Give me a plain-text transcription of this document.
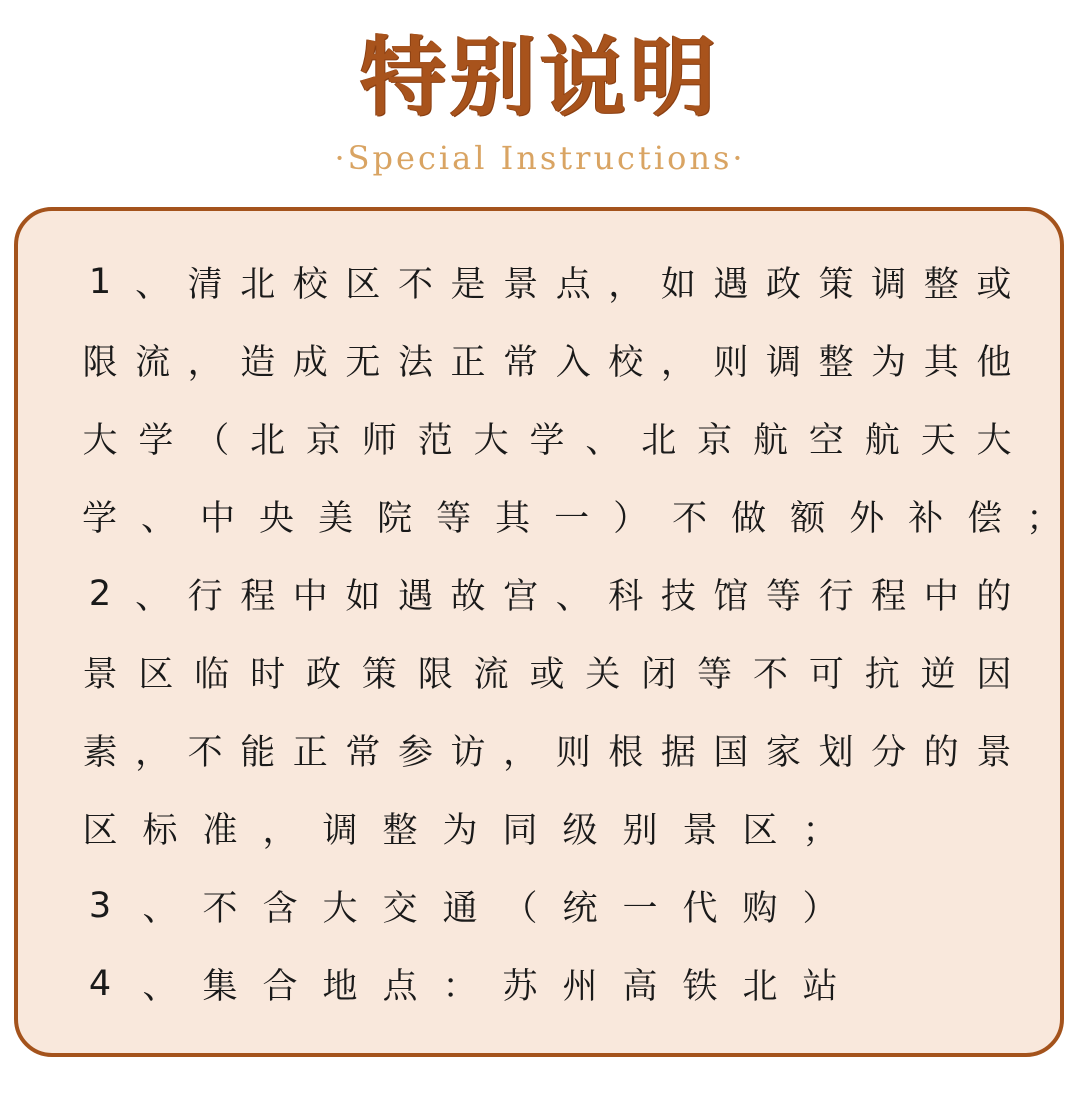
特别说明
·Special Instructions·
1 、 清 北 校 区 不 是 景 点 ， 如 遇 政 策 调 整 或
限 流 ， 造 成 无 法 正 常 入 校 ， 则 调 整 为 其 他
大 学 （ 北 京 师 范 大 学 、 北 京 航 空 航 天 大
学 、 中 央 美 院 等 其 一 ） 不 做 额 外 补 偿 ；
2 、 行 程 中 如 遇 故 宫 、 科 技 馆 等 行 程 中 的
景 区 临 时 政 策 限 流 或 关 闭 等 不 可 抗 逆 因
素 ， 不 能 正 常 参 访 ， 则 根 据 国 家 划 分 的 景
区 标 准 ， 调 整 为 同 级 别 景 区 ；
3 、 不 含 大 交 通 （ 统 一 代 购 ）
4 、 集 合 地 点 ： 苏 州 高 铁 北 站
